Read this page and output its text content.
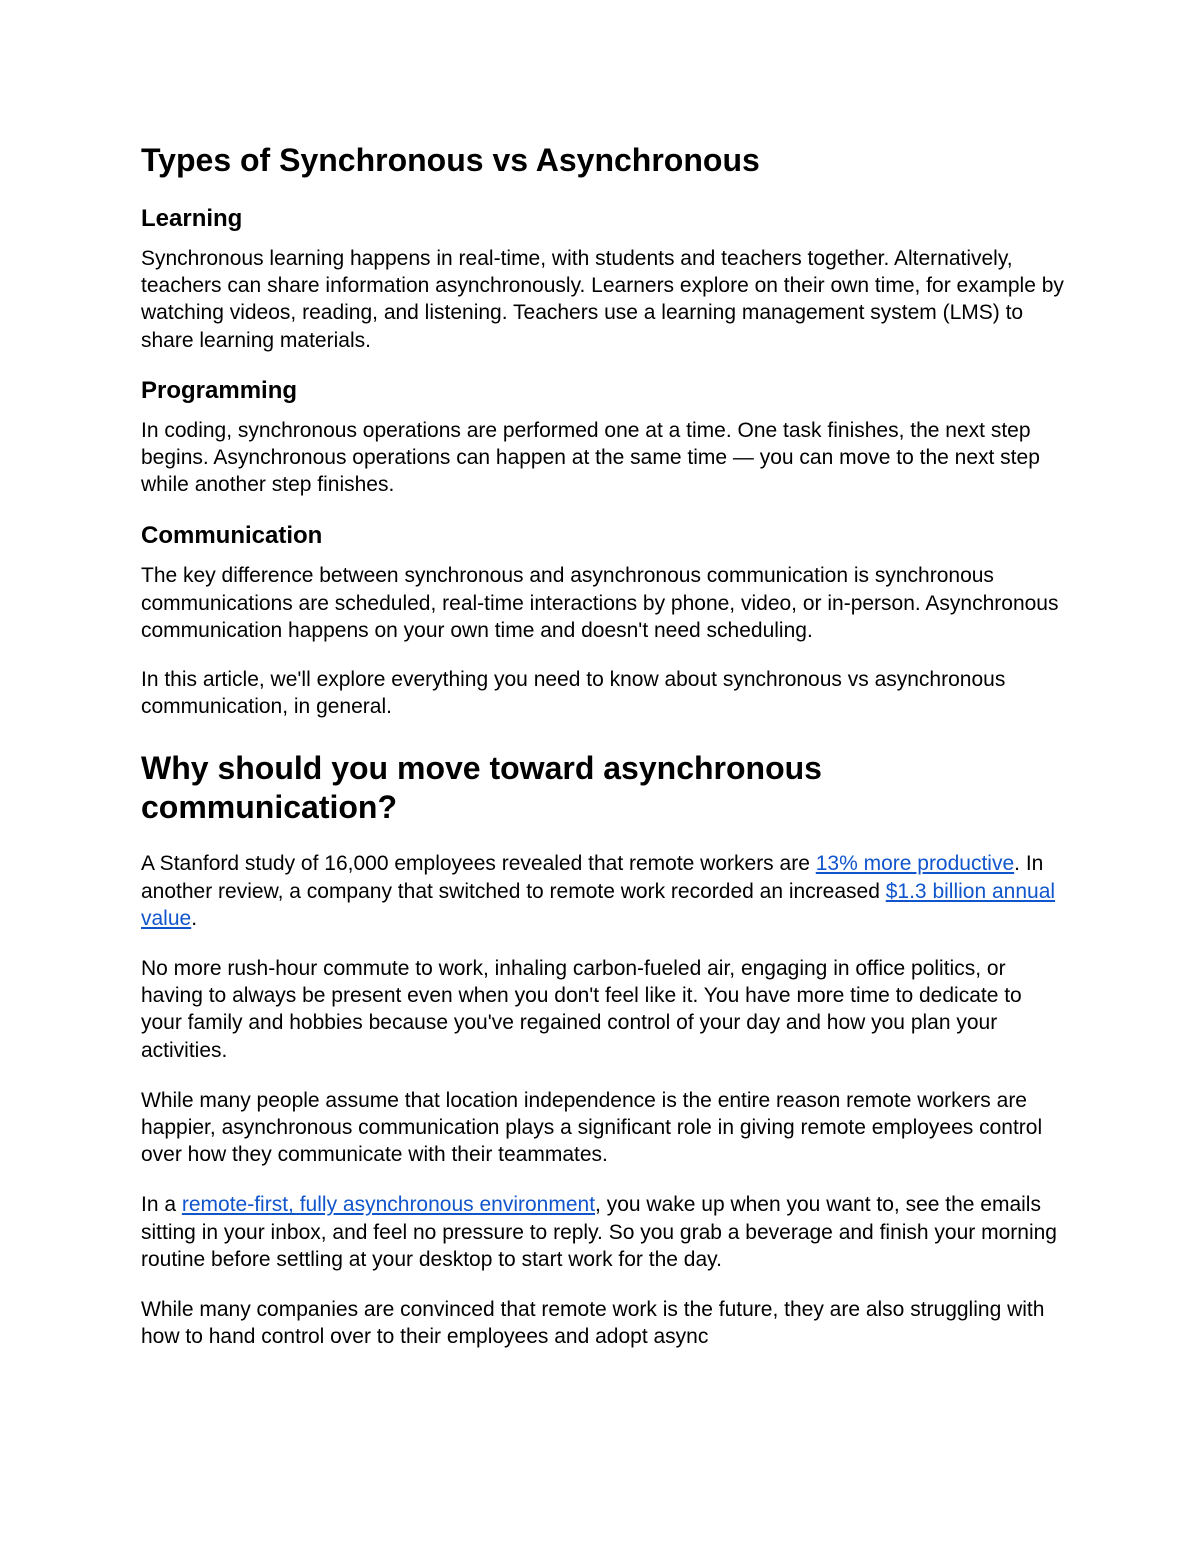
Types of Synchronous vs Asynchronous
Learning

Synchronous learning happens in real-time, with students and teachers together. Alternatively, teachers can share information asynchronously. Learners explore on their own time, for example by watching videos, reading, and listening. Teachers use a learning management system (LMS) to share learning materials.

Programming

In coding, synchronous operations are performed one at a time. One task finishes, the next step begins. Asynchronous operations can happen at the same time — you can move to the next step while another step finishes.

Communication

The key difference between synchronous and asynchronous communication is synchronous communications are scheduled, real-time interactions by phone, video, or in-person. Asynchronous communication happens on your own time and doesn't need scheduling.

In this article, we'll explore everything you need to know about synchronous vs asynchronous communication, in general.

Why should you move toward asynchronous communication?

A Stanford study of 16,000 employees revealed that remote workers are 13% more productive. In another review, a company that switched to remote work recorded an increased $1.3 billion annual value.

No more rush-hour commute to work, inhaling carbon-fueled air, engaging in office politics, or having to always be present even when you don't feel like it. You have more time to dedicate to your family and hobbies because you've regained control of your day and how you plan your activities.

While many people assume that location independence is the entire reason remote workers are happier, asynchronous communication plays a significant role in giving remote employees control over how they communicate with their teammates.

In a remote-first, fully asynchronous environment, you wake up when you want to, see the emails sitting in your inbox, and feel no pressure to reply. So you grab a beverage and finish your morning routine before settling at your desktop to start work for the day.

While many companies are convinced that remote work is the future, they are also struggling with how to hand control over to their employees and adopt async
